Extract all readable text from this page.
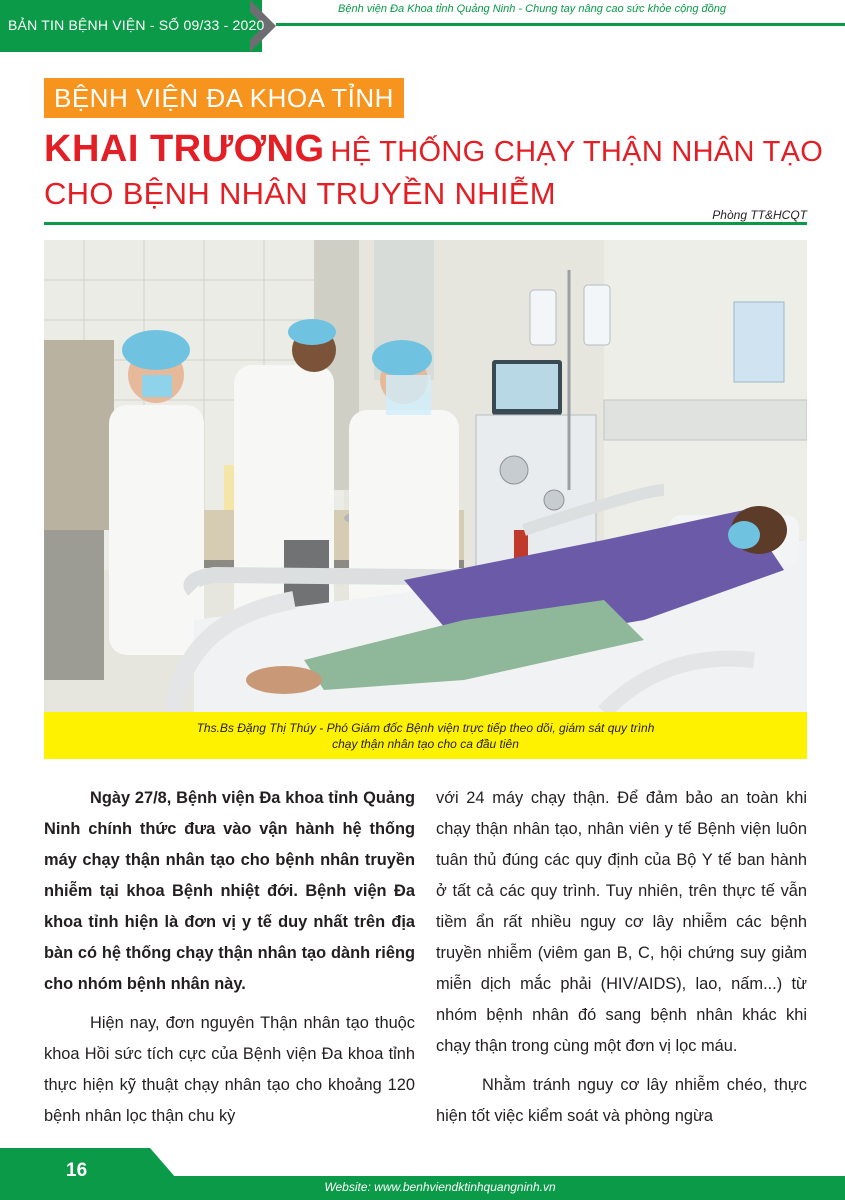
BẢN TIN BỆNH VIỆN - SỐ 09/33 - 2020
Bệnh viện Đa Khoa tỉnh Quảng Ninh - Chung tay nâng cao sức khỏe cộng đồng
BỆNH VIỆN ĐA KHOA TỈNH
KHAI TRƯƠNG HỆ THỐNG CHẠY THẬN NHÂN TẠO
CHO BỆNH NHÂN TRUYỀN NHIỄM
Phòng TT&HCQT
Ths.Bs Đặng Thị Thúy - Phó Giám đốc Bệnh viện trực tiếp theo dõi, giám sát quy trình
chạy thận nhân tạo cho ca đầu tiên

Ngày 27/8, Bệnh viện Đa khoa tỉnh Quảng Ninh chính thức đưa vào vận hành hệ thống máy chạy thận nhân tạo cho bệnh nhân truyền nhiễm tại khoa Bệnh nhiệt đới. Bệnh viện Đa khoa tỉnh hiện là đơn vị y tế duy nhất trên địa bàn có hệ thống chạy thận nhân tạo dành riêng cho nhóm bệnh nhân này.

Hiện nay, đơn nguyên Thận nhân tạo thuộc khoa Hồi sức tích cực của Bệnh viện Đa khoa tỉnh thực hiện kỹ thuật chạy nhân tạo cho khoảng 120 bệnh nhân lọc thận chu kỳ

với 24 máy chạy thận. Để đảm bảo an toàn khi chạy thận nhân tạo, nhân viên y tế Bệnh viện luôn tuân thủ đúng các quy định của Bộ Y tế ban hành ở tất cả các quy trình. Tuy nhiên, trên thực tế vẫn tiềm ẩn rất nhiều nguy cơ lây nhiễm các bệnh truyền nhiễm (viêm gan B, C, hội chứng suy giảm miễn dịch mắc phải (HIV/AIDS), lao, nấm...) từ nhóm bệnh nhân đó sang bệnh nhân khác khi chạy thận trong cùng một đơn vị lọc máu.

Nhằm tránh nguy cơ lây nhiễm chéo, thực hiện tốt việc kiểm soát và phòng ngừa

16
Website: www.benhviendktinhquangninh.vn
